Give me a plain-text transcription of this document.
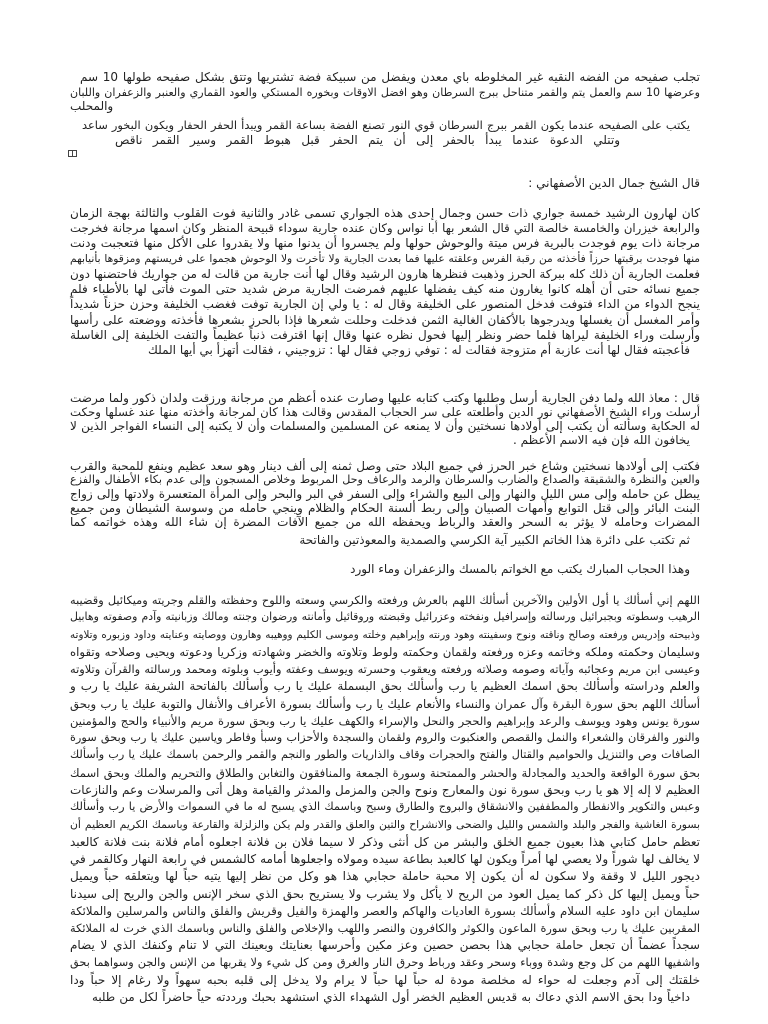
تجلب صفيحه من الفضه النقيه غير المخلوطه باي معدن ويفضل من سبيكة فضة تشتريها وتتق بشكل صفيحه طولها 10 سم
وعرضها 10 سم والعمل يتم والقمر متناحل ببرج السرطان وهو افضل الاوقات وبخوره المستكي والعود القماري والعنبر والزعفران واللبان
والمحلب
يكتب على الصفيحه عندما يكون القمر ببرج السرطان قوي النور تصنع الفضة بساعة القمر ويبدأ الحفر الحفار ويكون البخور ساعد
وتتلي الدعوة عندما يبدأ بالحفر إلى أن يتم الحفر قبل هبوط القمر وسير القمر ناقص
قال الشيخ جمال الدين الأصفهاني :
كان لهارون الرشيد خمسة جواري ذات حسن وجمال إحدى هذه الجواري تسمى غادر والثانية فوت القلوب والثالثة بهجة الزمان
والرابعة خيزران والخامسة خالصة التي قال الشعر بها أبا نواس وكان عنده جارية سوداء قبيحة المنظر وكان اسمها مرجانة فخرجت
مرجانة ذات يوم فوجدت بالبرية فرس ميتة والوحوش حولها ولم يجسروا أن يدنوا منها ولا يقدروا على الأكل منها فتعجبت ودنت
منها فوجدت برقبتها حرزاً فأخذته من رقبة الفرس وعلقته عليها فما بعدت الجارية ولا تأخرت ولا الوحوش هجموا على فريستهم ومزقوها بأنيابهم
فعلمت الجارية أن ذلك كله ببركة الحرز وذهبت فنظرها هارون الرشيد وقال لها أنت جارية من قالت له من جواريك فاحتضنها دون
جميع نسائه حتى أن أهله كانوا يغارون منه كيف يفضلها عليهم فمرضت الجارية مرض شديد حتى الموت فأتى لها بالأطباء فلم
ينجح الدواء من الداء فتوفت فدخل المنصور على الخليفة وقال له : يا ولي إن الجارية توفت فغضب الخليفة وحزن حزناً شديداً
وأمر المغسل أن يغسلها ويدرجوها بالأكفان الغالية الثمن فدخلت وحللت شعرها فإذا بالحرز بشعرها فأخذته ووضعته على رأسها
وأرسلت وراء الخليفة ليراها فلما حضر ونظر إليها فحول نظره عنها وقال إنها اقترفت ذنباً عظيماً والتفت الخليفة إلى الغاسلة
فأعجبته فقال لها أنت عازبة أم متزوجة فقالت له : توفي زوجي فقال لها : تزوجيني ، فقالت أتهزأ بي أيها الملك
قال : معاذ الله ولما دفن الجارية أرسل وطلبها وكتب كتابه عليها وصارت عنده أعظم من مرجانة ورزقت ولدان ذكور ولما مرضت
أرسلت وراء الشيخ الأصفهاني نور الدين وأطلعته على سر الحجاب المقدس وقالت هذا كان لمرجانة وأخذته منها عند غسلها وحكت
له الحكاية وسألته أن يكتب إلى أولادها نسختين وأن لا يمنعه عن المسلمين والمسلمات وأن لا يكتبه إلى النساء الفواجر الذين لا
يخافون الله فإن فيه الاسم الأعظم .
فكتب إلى أولادها نسختين وشاع خبر الحرز في جميع البلاد حتى وصل ثمنه إلى ألف دينار وهو سعد عظيم وينفع للمحبة والقرب
والعين والنظرة والشقيقة والصداع والضارب والسرطان والرمد والرعاف وحل المربوط وخلاص المسجون وإلى عدم بكاء الأطفال والفزع
يبطل عن حامله وإلى مس الليل والنهار وإلى البيع والشراء وإلى السفر في البر والبحر وإلى المرأة المتعسرة ولادتها وإلى زواج
البنت البائر وإلى قتل التوابع وأمهات الصبيان وإلى ربط ألسنة الحكام والظلام وينجي حامله من وسوسة الشيطان ومن جميع
المضرات وحامله لا يؤثر به السحر والعقد والرباط ويحفظه الله من جميع الآفات المضرة إن شاء الله وهذه خواتمه كما
ثم تكتب على دائرة هذا الخاتم الكبير آية الكرسي والصمدية والمعوذتين والفاتحة
وهذا الحجاب المبارك يكتب مع الخواتم بالمسك والزعفران وماء الورد
اللهم إني أسألك يا أول الأولين والآخرين أسألك اللهم بالعرش ورفعته والكرسي وسعته واللوح وحفظته والقلم وجريته وميكائيل وقضيبه
الرهيب وسطوته وبجبرائيل ورسالته وإسرافيل ونفخته وعزرائيل وقبضته وروقائيل وأمانته ورضوان وجنته ومالك وزبانيته وآدم وصفوته وهابيل
وذبيحته وإدريس ورفعته وصالح وناقته ونوح وسفينته وهود ورنته وإبراهيم وخلته وموسى الكليم ووهيبه وهارون ووصايته وعنايته وداود وزبوره وتلاوته
وسليمان وحكمته وملكه وخاتمه وعزه ورفعته ولقمان وحكمته ولوط وتلاوته والخضر وشهادته وزكريا ودعوته ويحيى وصلاحه وتقواه
وعيسى ابن مريم وعجائبه وآياته وصومه وصلاته ورفعته ويعقوب وحسرته ويوسف وعفته وأيوب وبلوته ومحمد ورسالته والقرآن وتلاوته
والعلم ودراسته وأسألك بحق اسمك العظيم يا رب وأسألك بحق البسملة عليك يا رب وأسألك بالفاتحة الشريفة عليك يا رب و
أسألك اللهم بحق سورة البقرة وآل عمران والنساء والأنعام عليك يا رب وأسألك بسورة الأعراف والأنفال والتوبة عليك يا رب وبحق
سورة يونس وهود ويوسف والرعد وإبراهيم والحجر والنحل والإسراء والكهف عليك يا رب وبحق سورة مريم والأنبياء والحج والمؤمنين
والنور والفرقان والشعراء والنمل والقصص والعنكبوت والروم ولقمان والسجدة والأحزاب وسبأ وفاطر وياسين عليك يا رب وبحق سورة
الصافات وص والتنزيل والحواميم والقتال والفتح والحجرات وقاف والذاريات والطور والنجم والقمر والرحمن باسمك عليك يا رب وأسألك
بحق سورة الواقعة والحديد والمجادلة والحشر والممتحنة وسورة الجمعة والمنافقون والتغابن والطلاق والتحريم والملك وبحق اسمك
العظيم لا إله إلا هو يا رب وبحق سورة نون والمعارج ونوح والجن والمزمل والمدثر والقيامة وهل أتى والمرسلات وعم والنازعات
وعبس والتكوير والانفطار والمطففين والانشقاق والبروج والطارق وسبح وباسمك الذي يسبح له ما في السموات والأرض يا رب وأسألك
بسورة الغاشية والفجر والبلد والشمس والليل والضحى والانشراح والتين والعلق والقدر ولم يكن والزلزلة والقارعة وباسمك الكريم العظيم أن
تعظم حامل كتابي هذا بعيون جميع الخلق والبشر من كل أنثى وذكر لا سيما فلان بن فلانة اجعلوه أمام فلانة بنت فلانة كالعبد
لا يخالف لها شوراً ولا يعصي لها أمراً ويكون لها كالعبد بطاعة سيده ومولاه واجعلوها أمامه كالشمس في رابعة النهار وكالقمر في
ديجور الليل لا وقفة ولا سكون له أن يكون إلا محبة حاملة حجابي هذا هو وكل من نظر إليها يتيه حباً لها ويتعلقه حباً ويميل
حباً ويميل إليها كل ذكر كما يميل العود من الريح لا يأكل ولا يشرب ولا يستريح بحق الذي سخر الإنس والجن والريح إلى سيدنا
سليمان ابن داود عليه السلام وأسألك بسورة العاديات والهاكم والعصر والهمزة والفيل وقريش والفلق والناس والمرسلين والملائكة
المقربين عليك يا رب وبحق سورة الماعون والكوثر والكافرون والنصر واللهب والإخلاص والفلق والناس وباسمك الذي خرت له الملائكة
سجداً عضماً أن تجعل حاملة حجابي هذا بحصن حصين وعز مكين وأحرسها بعنايتك وبعينك التي لا تنام وكنفك الذي لا يضام
واشفيها اللهم من كل وجع وشدة ووباء وسحر وعقد ورباط وحرق النار والغرق ومن كل شيء ولا يقربها من الإنس والجن وسواهما بحق
خلقتك إلى آدم وجعلت له حواء له مخلصة مودة له حباً لها حباً لا يرام ولا يدخل إلى قلبه بحبه سهواً ولا رغام إلا حباً ودا
داخياً ودا بحق الاسم الذي دعاك به قديس العظيم الخضر أول الشهداء الذي استشهد بحبك ورددته حياً حاضراً لكل من طلبه
